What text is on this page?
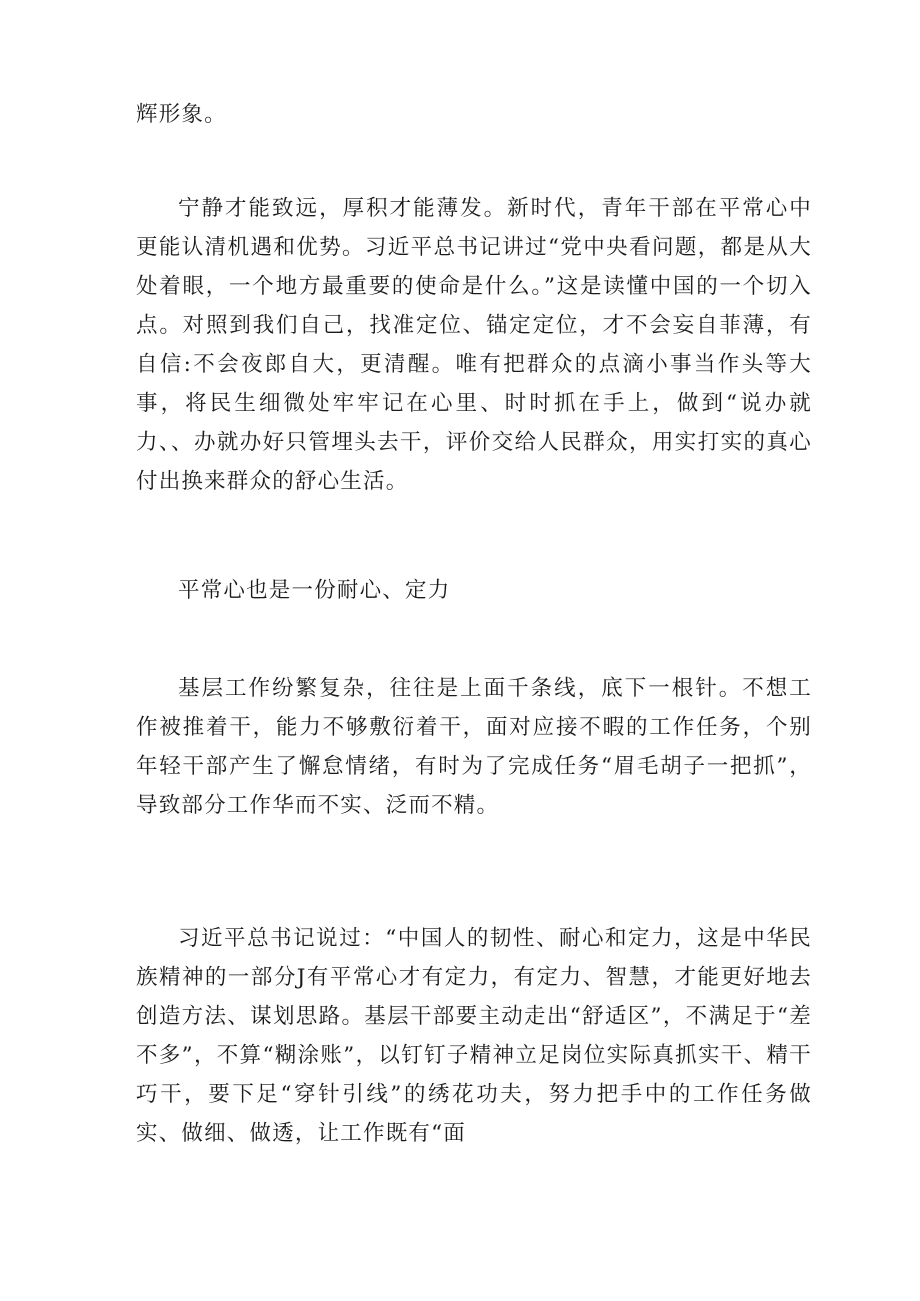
辉形象。

宁静才能致远，厚积才能薄发。新时代，青年干部在平常心中更能认清机遇和优势。习近平总书记讲过“党中央看问题，都是从大处着眼，一个地方最重要的使命是什么。”这是读懂中国的一个切入点。对照到我们自己，找准定位、锚定定位，才不会妄自菲薄，有自信:不会夜郎自大，更清醒。唯有把群众的点滴小事当作头等大事，将民生细微处牢牢记在心里、时时抓在手上，做到“说办就力、、办就办好只管埋头去干，评价交给人民群众，用实打实的真心付出换来群众的舒心生活。

平常心也是一份耐心、定力

基层工作纷繁复杂，往往是上面千条线，底下一根针。不想工作被推着干，能力不够敷衍着干，面对应接不暇的工作任务，个别年轻干部产生了懈怠情绪，有时为了完成任务“眉毛胡子一把抓”，导致部分工作华而不实、泛而不精。

习近平总书记说过：“中国人的韧性、耐心和定力，这是中华民族精神的一部分J有平常心才有定力，有定力、智慧，才能更好地去创造方法、谋划思路。基层干部要主动走出“舒适区”，不满足于“差不多”，不算“糊涂账”，以钉钉子精神立足岗位实际真抓实干、精干巧干，要下足“穿针引线”的绣花功夫，努力把手中的工作任务做实、做细、做透，让工作既有“面
